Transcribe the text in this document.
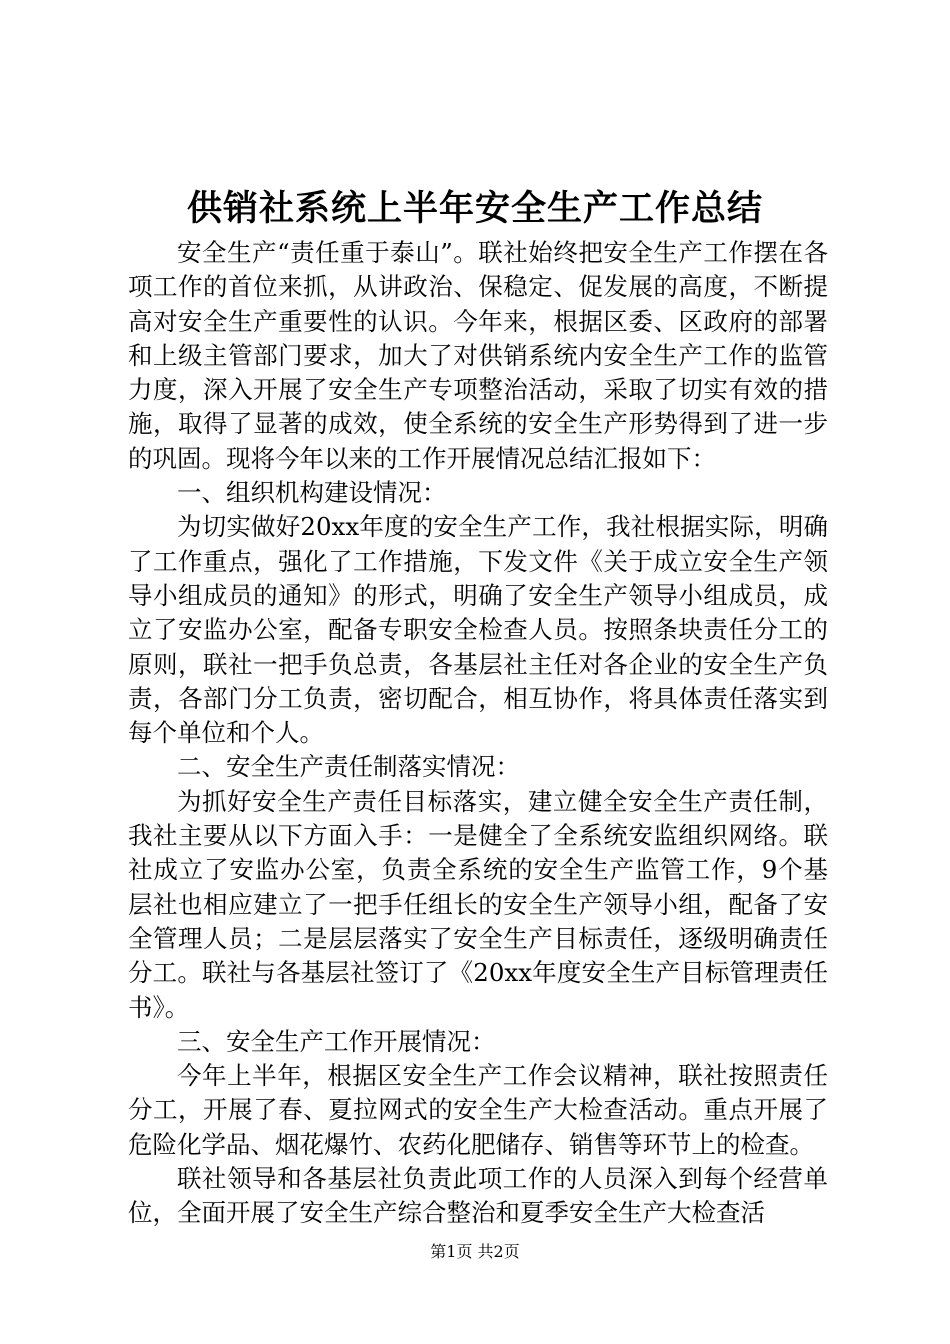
供销社系统上半年安全生产工作总结

安全生产“责任重于泰山”。联社始终把安全生产工作摆在各项工作的首位来抓，从讲政治、保稳定、促发展的高度，不断提高对安全生产重要性的认识。今年来，根据区委、区政府的部署和上级主管部门要求，加大了对供销系统内安全生产工作的监管力度，深入开展了安全生产专项整治活动，采取了切实有效的措施，取得了显著的成效，使全系统的安全生产形势得到了进一步的巩固。现将今年以来的工作开展情况总结汇报如下：

一、组织机构建设情况：

为切实做好20xx年度的安全生产工作，我社根据实际，明确了工作重点，强化了工作措施，下发文件《关于成立安全生产领导小组成员的通知》的形式，明确了安全生产领导小组成员，成立了安监办公室，配备专职安全检查人员。按照条块责任分工的原则，联社一把手负总责，各基层社主任对各企业的安全生产负责，各部门分工负责，密切配合，相互协作，将具体责任落实到每个单位和个人。

二、安全生产责任制落实情况：

为抓好安全生产责任目标落实，建立健全安全生产责任制，我社主要从以下方面入手：一是健全了全系统安监组织网络。联社成立了安监办公室，负责全系统的安全生产监管工作，9个基层社也相应建立了一把手任组长的安全生产领导小组，配备了安全管理人员；二是层层落实了安全生产目标责任，逐级明确责任分工。联社与各基层社签订了《20xx年度安全生产目标管理责任书》。

三、安全生产工作开展情况：

今年上半年，根据区安全生产工作会议精神，联社按照责任分工，开展了春、夏拉网式的安全生产大检查活动。重点开展了危险化学品、烟花爆竹、农药化肥储存、销售等环节上的检查。

联社领导和各基层社负责此项工作的人员深入到每个经营单位，全面开展了安全生产综合整治和夏季安全生产大检查活

第1页 共2页
